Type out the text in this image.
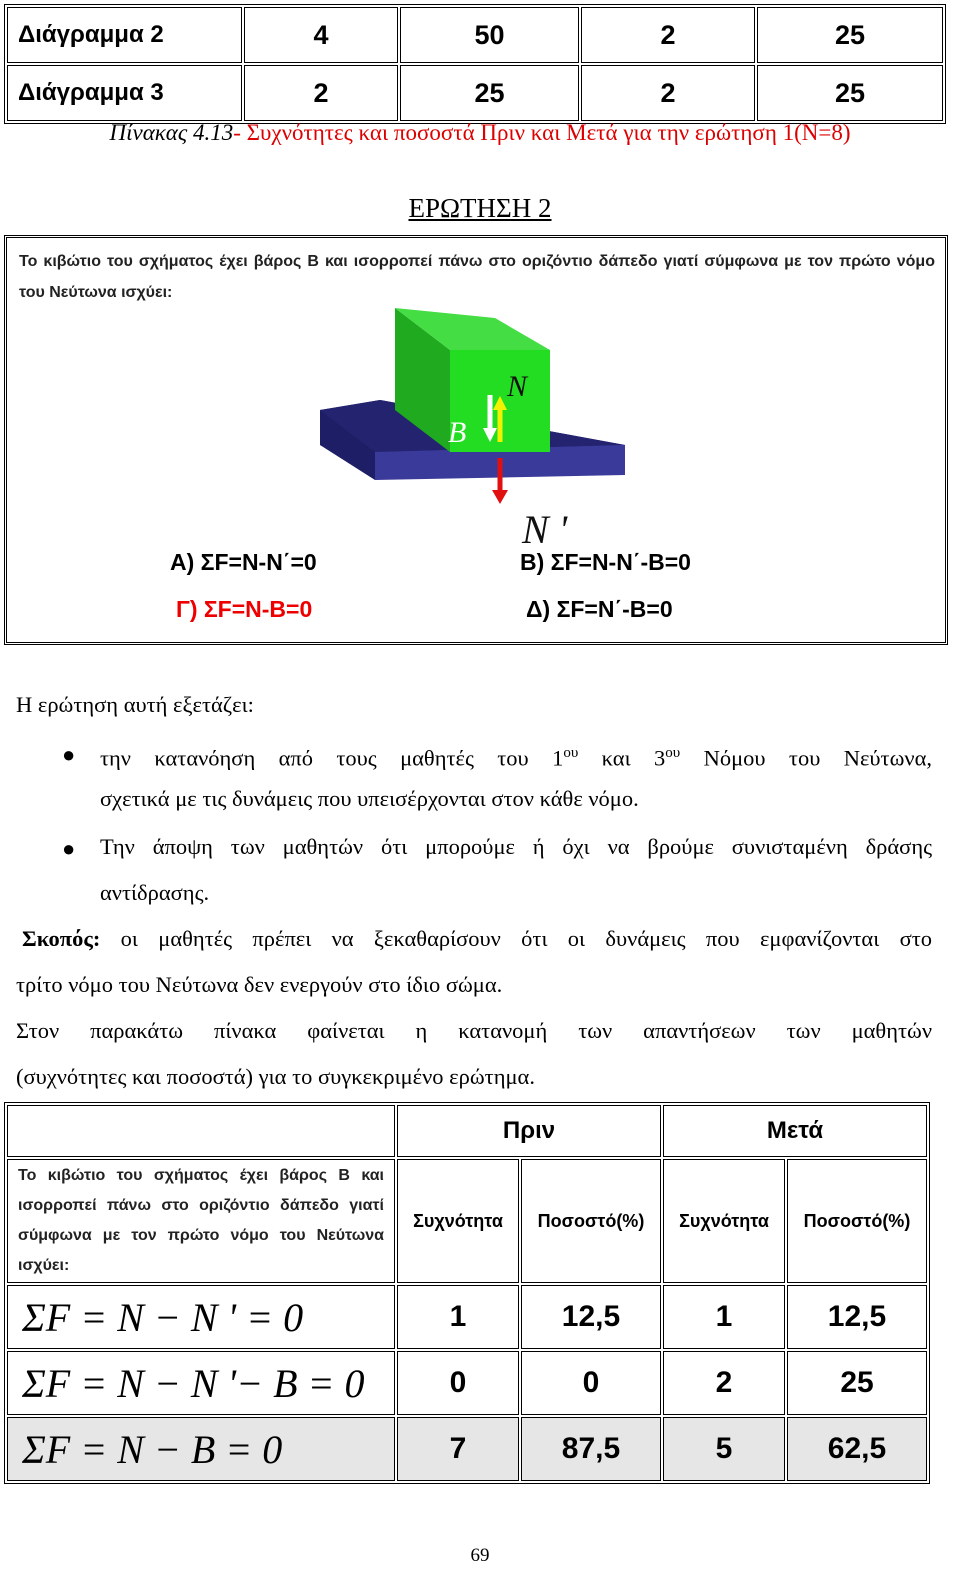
Διάγραμμα 2	4	50	2	25
Διάγραμμα 3	2	25	2	25
Πίνακας 4.13- Συχνότητες και ποσοστά Πριν και Μετά για την ερώτηση 1(N=8)
ΕΡΩΤΗΣΗ 2
Το κιβώτιο του σχήματος έχει βάρος Β και ισορροπεί πάνω στο οριζόντιο δάπεδο γιατί σύμφωνα με τον πρώτο νόμο του Νεύτωνα ισχύει:
N
B
N '
Α) ΣF=N-N΄=0	Β) ΣF=N-N΄-B=0
Γ) ΣF=N-B=0	Δ) ΣF=N΄-B=0
Η ερώτηση αυτή εξετάζει:
● την κατανόηση από τους μαθητές του $1^{o\upsilon}$ και $3^{o\upsilon}$ Νόμου του Νεύτωνα,
σχετικά με τις δυνάμεις που υπεισέρχονται στον κάθε νόμο.
● Την άποψη των μαθητών ότι μπορούμε ή όχι να βρούμε συνισταμένη δράσης
αντίδρασης.
Σκοπός: οι μαθητές πρέπει να ξεκαθαρίσουν ότι οι δυνάμεις που εμφανίζονται στο
τρίτο νόμο του Νεύτωνα δεν ενεργούν στο ίδιο σώμα.
Στον παρακάτω πίνακα φαίνεται η κατανομή των απαντήσεων των μαθητών
(συχνότητες και ποσοστά) για το συγκεκριμένο ερώτημα.
	Πριν		Μετά	
Το κιβώτιο του σχήματος έχει βάρος Β και ισορροπεί πάνω στο οριζόντιο δάπεδο γιατί σύμφωνα με τον πρώτο νόμο του Νεύτωνα ισχύει:	Συχνότητα	Ποσοστό(%)	Συχνότητα	Ποσοστό(%)
ΣF = N − N ' = 0	1	12,5	1	12,5
ΣF = N − N '− B = 0	0	0	2	25
ΣF = N − B = 0	7	87,5	5	62,5
69
